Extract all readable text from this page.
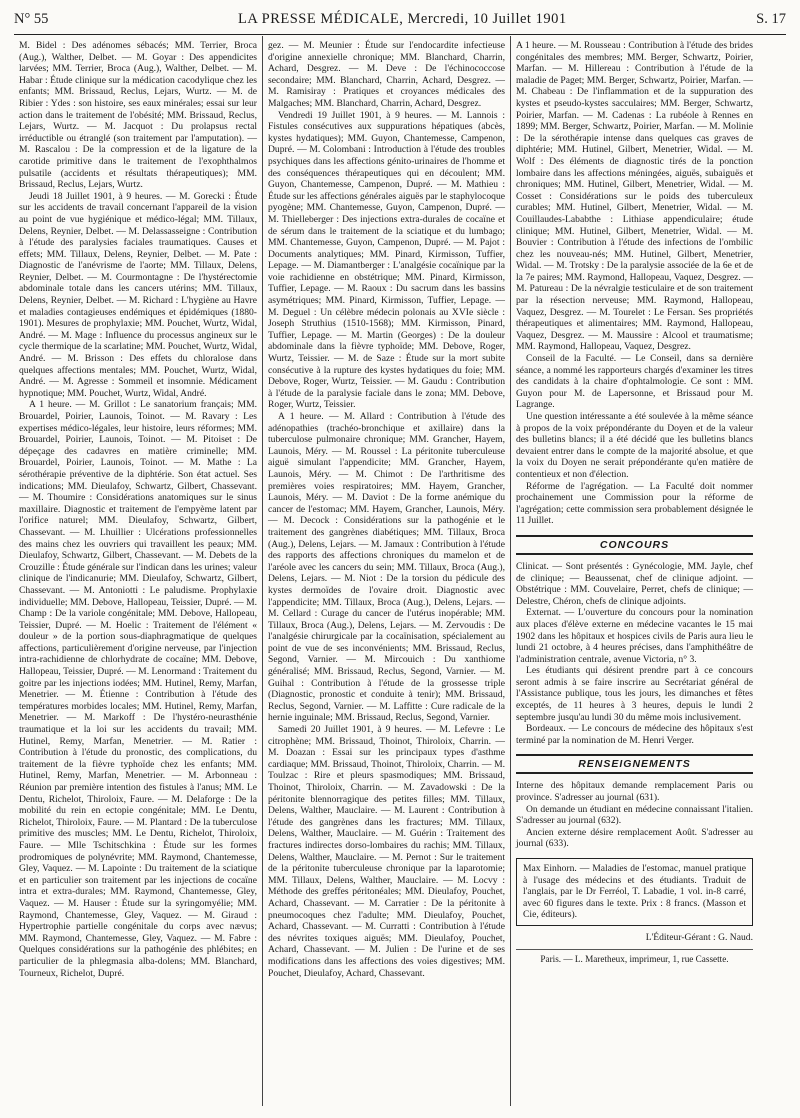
N° 55	LA PRESSE MÉDICALE, Mercredi, 10 Juillet 1901	S. 17

M. Bidel : Des adénomes sébacés; MM. Terrier, Broca (Aug.), Walther, Delbet. — M. Goyar : Des appendicites larvées; MM. Terrier, Broca (Aug.), Walther, Delbet. — M. Habar : Étude clinique sur la médication cacodylique chez les enfants; MM. Brissaud, Reclus, Lejars, Wurtz. — M. de Ribier : Ydes : son histoire, ses eaux minérales; essai sur leur action dans le traitement de l'obésité; MM. Brissaud, Reclus, Lejars, Wurtz. — M. Jacquot : Du prolapsus rectal irréductible ou étranglé (son traitement par l'amputation). — M. Rascalou : De la compression et de la ligature de la carotide primitive dans le traitement de l'exophthalmos pulsatile (accidents et résultats thérapeutiques); MM. Brissaud, Reclus, Lejars, Wurtz.

Jeudi 18 Juillet 1901, à 9 heures. — M. Gorecki : Étude sur les accidents de travail concernant l'appareil de la vision au point de vue hygiénique et médico-légal; MM. Tillaux, Delens, Reynier, Delbet. — M. Delassasseigne : Contribution à l'étude des paralysies faciales traumatiques. Causes et effets; MM. Tillaux, Delens, Reynier, Delbet. — M. Pate : Diagnostic de l'anévrisme de l'aorte; MM. Tillaux, Delens, Reynier, Delbet. — M. Courmontagne : De l'hystérectomie abdominale totale dans les cancers utérins; MM. Tillaux, Delens, Reynier, Delbet. — M. Richard : L'hygiène au Havre et maladies contagieuses endémiques et épidémiques (1880-1901). Mesures de prophylaxie; MM. Pouchet, Wurtz, Widal, André. — M. Mage : Influence du processus angineux sur le cycle thermique de la scarlatine; MM. Pouchet, Wurtz, Widal, André. — M. Brisson : Des effets du chloralose dans quelques affections mentales; MM. Pouchet, Wurtz, Widal, André. — M. Agresse : Sommeil et insomnie. Médicament hypnotique; MM. Pouchet, Wurtz, Widal, André.

A 1 heure. — M. Grillot : Le sanatorium français; MM. Brouardel, Poirier, Launois, Toinot. — M. Ravary : Les expertises médico-légales, leur histoire, leurs réformes; MM. Brouardel, Poirier, Launois, Toinot. — M. Pitoiset : De dépeçage des cadavres en matière criminelle; MM. Brouardel, Poirier, Launois, Toinot. — M. Mathe : La sérothérapie préventive de la diphtérie. Son état actuel. Ses indications; MM. Dieulafoy, Schwartz, Gilbert, Chassevant. — M. Thoumire : Considérations anatomiques sur le sinus maxillaire. Diagnostic et traitement de l'empyème latent par l'orifice naturel; MM. Dieulafoy, Schwartz, Gilbert, Chassevant. — M. Lhuillier : Ulcérations professionnelles des mains chez les ouvriers qui travaillent les peaux; MM. Dieulafoy, Schwartz, Gilbert, Chassevant. — M. Debets de la Crouzille : Étude générale sur l'indican dans les urines; valeur clinique de l'indicanurie; MM. Dieulafoy, Schwartz, Gilbert, Chassevant. — M. Antoniotti : Le paludisme. Prophylaxie individuelle; MM. Debove, Hallopeau, Teissier, Dupré. — M. Champ : De la variole congénitale; MM. Debove, Hallopeau, Teissier, Dupré. — M. Hoelic : Traitement de l'élément « douleur » de la portion sous-diaphragmatique de quelques affections, particulièrement d'origine nerveuse, par l'injection intra-rachidienne de chlorhydrate de cocaïne; MM. Debove, Hallopeau, Teissier, Dupré. — M. Lenormand : Traitement du goitre par les injections iodées; MM. Hutinel, Remy, Marfan, Menetrier. — M. Étienne : Contribution à l'étude des températures morbides locales; MM. Hutinel, Remy, Marfan, Menetrier. — M. Markoff : De l'hystéro-neurasthénie traumatique et la loi sur les accidents du travail; MM. Hutinel, Remy, Marfan, Menetrier. — M. Ratier : Contribution à l'étude du pronostic, des complications, du traitement de la fièvre typhoïde chez les enfants; MM. Hutinel, Remy, Marfan, Menetrier. — M. Arbonneau : Réunion par première intention des fistules à l'anus; MM. Le Dentu, Richelot, Thiroloix, Faure. — M. Delaforge : De la mobilité du rein en ectopie congénitale; MM. Le Dentu, Richelot, Thiroloix, Faure. — M. Plantard : De la tuberculose primitive des muscles; MM. Le Dentu, Richelot, Thiroloix, Faure. — Mlle Tschitschkina : Étude sur les formes prodromiques de polynévrite; MM. Raymond, Chantemesse, Gley, Vaquez. — M. Lapointe : Du traitement de la sciatique et en particulier son traitement par les injections de cocaïne intra et extra-durales; MM. Raymond, Chantemesse, Gley, Vaquez. — M. Hauser : Étude sur la syringomyélie; MM. Raymond, Chantemesse, Gley, Vaquez. — M. Giraud : Hypertrophie partielle congénitale du corps avec nævus; MM. Raymond, Chantemesse, Gley, Vaquez. — M. Fabre : Quelques considérations sur la pathogénie des phlébites; en particulier de la phlegmasia alba-dolens; MM. Blanchard, Tourneux, Richelot, Dupré.

gez. — M. Meunier : Étude sur l'endocardite infectieuse d'origine annexielle chronique; MM. Blanchard, Charrin, Achard, Desgrez. — M. Deve : De l'échinococcose secondaire; MM. Blanchard, Charrin, Achard, Desgrez. — M. Ramisiray : Pratiques et croyances médicales des Malgaches; MM. Blanchard, Charrin, Achard, Desgrez.

Vendredi 19 Juillet 1901, à 9 heures. — M. Lannois : Fistules consécutives aux suppurations hépatiques (abcès, kystes hydatiques); MM. Guyon, Chantemesse, Campenon, Dupré. — M. Colombani : Introduction à l'étude des troubles psychiques dans les affections génito-urinaires de l'homme et des conséquences thérapeutiques qui en découlent; MM. Guyon, Chantemesse, Campenon, Dupré. — M. Mathieu : Étude sur les affections générales aiguës par le staphylocoque pyogène; MM. Chantemesse, Guyon, Campenon, Dupré. — M. Thielleberger : Des injections extra-durales de cocaïne et de sérum dans le traitement de la sciatique et du lumbago; MM. Chantemesse, Guyon, Campenon, Dupré. — M. Pajot : Documents analytiques; MM. Pinard, Kirmisson, Tuffier, Lepage. — M. Diamantberger : L'analgésie cocaïnique par la voie rachidienne en obstétrique; MM. Pinard, Kirmisson, Tuffier, Lepage. — M. Raoux : Du sacrum dans les bassins asymétriques; MM. Pinard, Kirmisson, Tuffier, Lepage. — M. Deguel : Un célèbre médecin polonais au XVIe siècle : Joseph Struthius (1510-1568); MM. Kirmisson, Pinard, Tuffier, Lepage. — M. Martin (Georges) : De la douleur abdominale dans la fièvre typhoïde; MM. Debove, Roger, Wurtz, Teissier. — M. de Saze : Étude sur la mort subite consécutive à la rupture des kystes hydatiques du foie; MM. Debove, Roger, Wurtz, Teissier. — M. Gaudu : Contribution à l'étude de la paralysie faciale dans le zona; MM. Debove, Roger, Wurtz, Teissier.

A 1 heure. — M. Allard : Contribution à l'étude des adénopathies (trachéo-bronchique et axillaire) dans la tuberculose pulmonaire chronique; MM. Grancher, Hayem, Launois, Méry. — M. Roussel : La péritonite tuberculeuse aiguë simulant l'appendicite; MM. Grancher, Hayem, Launois, Méry. — M. Chimot : De l'arthritisme des premières voies respiratoires; MM. Hayem, Grancher, Launois, Méry. — M. Daviot : De la forme anémique du cancer de l'estomac; MM. Hayem, Grancher, Launois, Méry. — M. Decock : Considérations sur la pathogénie et le traitement des gangrènes diabétiques; MM. Tillaux, Broca (Aug.), Delens, Lejars. — M. Jamaux : Contribution à l'étude des rapports des affections chroniques du mamelon et de l'aréole avec les cancers du sein; MM. Tillaux, Broca (Aug.), Delens, Lejars. — M. Niot : De la torsion du pédicule des kystes dermoïdes de l'ovaire droit. Diagnostic avec l'appendicite; MM. Tillaux, Broca (Aug.), Delens, Lejars. — M. Cellard : Curage du cancer de l'utérus inopérable; MM. Tillaux, Broca (Aug.), Delens, Lejars. — M. Zervoudis : De l'analgésie chirurgicale par la cocaïnisation, spécialement au point de vue de ses inconvénients; MM. Brissaud, Reclus, Segond, Varnier. — M. Mircouich : Du xanthiome généralisé; MM. Brissaud, Reclus, Segond, Varnier. — M. Guihal : Contribution à l'étude de la grossesse triple (Diagnostic, pronostic et conduite à tenir); MM. Brissaud, Reclus, Segond, Varnier. — M. Laffitte : Cure radicale de la hernie inguinale; MM. Brissaud, Reclus, Segond, Varnier.

Samedi 20 Juillet 1901, à 9 heures. — M. Lefevre : Le citrophène; MM. Brissaud, Thoinot, Thiroloix, Charrin. — M. Doazan : Essai sur les principaux types d'asthme cardiaque; MM. Brissaud, Thoinot, Thiroloix, Charrin. — M. Toulzac : Rire et pleurs spasmodiques; MM. Brissaud, Thoinot, Thiroloix, Charrin. — M. Zavadowski : De la péritonite blennorragique des petites filles; MM. Tillaux, Delens, Walther, Mauclaire. — M. Laurent : Contribution à l'étude des gangrènes dans les fractures; MM. Tillaux, Delens, Walther, Mauclaire. — M. Guérin : Traitement des fractures indirectes dorso-lombaires du rachis; MM. Tillaux, Delens, Walther, Mauclaire. — M. Pernot : Sur le traitement de la péritonite tuberculeuse chronique par la laparotomie; MM. Tillaux, Delens, Walther, Mauclaire. — M. Locvy : Méthode des greffes péritonéales; MM. Dieulafoy, Pouchet, Achard, Chassevant. — M. Carratier : De la péritonite à pneumocoques chez l'adulte; MM. Dieulafoy, Pouchet, Achard, Chassevant. — M. Curratti : Contribution à l'étude des névrites toxiques aiguës; MM. Dieulafoy, Pouchet, Achard, Chassevant. — M. Julien : De l'urine et de ses modifications dans les affections des voies digestives; MM. Pouchet, Dieulafoy, Achard, Chassevant.

A 1 heure. — M. Rousseau : Contribution à l'étude des brides congénitales des membres; MM. Berger, Schwartz, Poirier, Marfan. — M. Hillereau : Contribution à l'étude de la maladie de Paget; MM. Berger, Schwartz, Poirier, Marfan. — M. Chabeau : De l'inflammation et de la suppuration des kystes et pseudo-kystes sacculaires; MM. Berger, Schwartz, Poirier, Marfan. — M. Cadenas : La rubéole à Rennes en 1899; MM. Berger, Schwartz, Poirier, Marfan. — M. Molinie : De la sérothérapie intense dans quelques cas graves de diphtérie; MM. Hutinel, Gilbert, Menetrier, Widal. — M. Wolf : Des éléments de diagnostic tirés de la ponction lombaire dans les affections méningées, aiguës, subaiguës et chroniques; MM. Hutinel, Gilbert, Menetrier, Widal. — M. Cosset : Considérations sur le poids des tuberculeux curables; MM. Hutinel, Gilbert, Menetrier, Widal. — M. Couillaudes-Lababthe : Lithiase appendiculaire; étude clinique; MM. Hutinel, Gilbert, Menetrier, Widal. — M. Bouvier : Contribution à l'étude des infections de l'ombilic chez les nouveau-nés; MM. Hutinel, Gilbert, Menetrier, Widal. — M. Trotsky : De la paralysie associée de la 6e et de la 7e paires; MM. Raymond, Hallopeau, Vaquez, Desgrez. — M. Patureau : De la névralgie testiculaire et de son traitement par la résection nerveuse; MM. Raymond, Hallopeau, Vaquez, Desgrez. — M. Tourelet : Le Fersan. Ses propriétés thérapeutiques et alimentaires; MM. Raymond, Hallopeau, Vaquez, Desgrez. — M. Maussire : Alcool et traumatisme; MM. Raymond, Hallopeau, Vaquez, Desgrez.

Conseil de la Faculté. — Le Conseil, dans sa dernière séance, a nommé les rapporteurs chargés d'examiner les titres des candidats à la chaire d'ophtalmologie. Ce sont : MM. Guyon pour M. de Lapersonne, et Brissaud pour M. Lagrange.

Une question intéressante a été soulevée à la même séance à propos de la voix prépondérante du Doyen et de la valeur des bulletins blancs; il a été décidé que les bulletins blancs devaient entrer dans le compte de la majorité absolue, et que la voix du Doyen ne serait prépondérante qu'en matière de contentieux et non d'élection.

Réforme de l'agrégation. — La Faculté doit nommer prochainement une Commission pour la réforme de l'agrégation; cette commission sera probablement désignée le 11 Juillet.

CONCOURS

Clinicat. — Sont présentés : Gynécologie, MM. Jayle, chef de clinique; — Beaussenat, chef de clinique adjoint. — Obstétrique : MM. Couvelaire, Perret, chefs de clinique; — Delestre, Chéron, chefs de clinique adjoints.

Externat. — L'ouverture du concours pour la nomination aux places d'élève externe en médecine vacantes le 15 mai 1902 dans les hôpitaux et hospices civils de Paris aura lieu le lundi 21 octobre, à 4 heures précises, dans l'amphithéâtre de l'administration centrale, avenue Victoria, n° 3.

Les étudiants qui désirent prendre part à ce concours seront admis à se faire inscrire au Secrétariat général de l'Assistance publique, tous les jours, les dimanches et fêtes exceptés, de 11 heures à 3 heures, depuis le lundi 2 septembre jusqu'au lundi 30 du même mois inclusivement.

Bordeaux. — Le concours de médecine des hôpitaux s'est terminé par la nomination de M. Henri Verger.

RENSEIGNEMENTS

Interne des hôpitaux demande remplacement Paris ou province. S'adresser au journal (631).

On demande un étudiant en médecine connaissant l'italien. S'adresser au journal (632).

Ancien externe désire remplacement Août. S'adresser au journal (633).

Max Einhorn. — Maladies de l'estomac, manuel pratique à l'usage des médecins et des étudiants. Traduit de l'anglais, par le Dr Ferréol, T. Labadie, 1 vol. in-8 carré, avec 60 figures dans le texte. Prix : 8 francs. (Masson et Cie, éditeurs).

L'Éditeur-Gérant : G. Naud.
Paris. — L. Maretheux, imprimeur, 1, rue Cassette.
